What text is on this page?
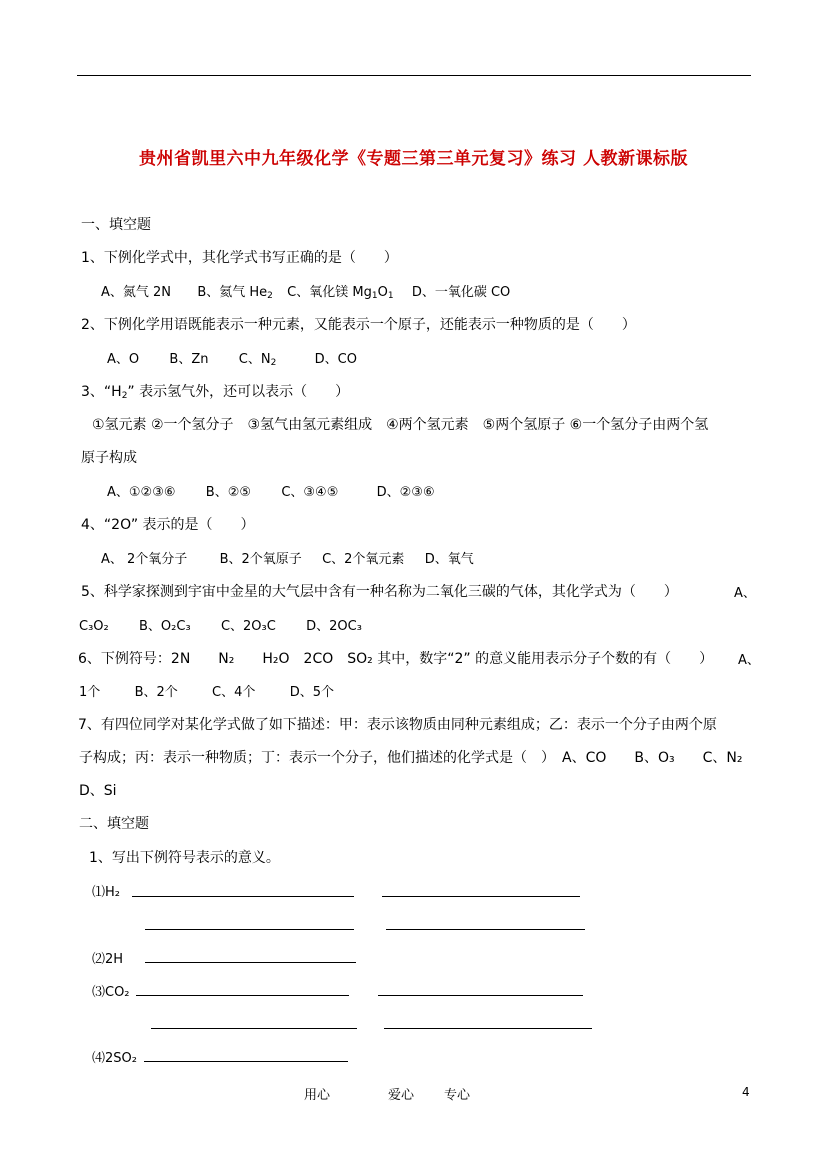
贵州省凯里六中九年级化学《专题三第三单元复习》练习 人教新课标版
一、填空题
1、下例化学式中，其化学式书写正确的是（　　）
A、氮气 2N B、氦气 $He_2$ C、氧化镁 $Mg_1O_1$ D、一氧化碳 CO
2、下例化学用语既能表示一种元素，又能表示一个原子，还能表示一种物质的是（　　）
A、O B、Zn C、$N_2$	D、CO
3、“$H_2$” 表示氢气外，还可以表示（　　）
①氢元素 ②一个氢分子　③氢气由氢元素组成　④两个氢元素　⑤两个氢原子 ⑥一个氢分子由两个氢
原子构成
A、①②③⑥ B、②⑤ C、③④⑤	D、②③⑥
4、“2O” 表示的是（　　）
A、 2个氧分子 B、2个氧原子 C、2个氧元素 D、氧气
5、科学家探测到宇宙中金星的大气层中含有一种名称为二氧化三碳的气体，其化学式为（　　）	A、
C₃O₂ B、O₂C₃ C、2O₃C D、2OC₃
6、下例符号：2N　　N₂　　H₂O　2CO　SO₂ 其中，数字“2” 的意义能用表示分子个数的有（　　） A、
1个	B、2个	C、4个	D、5个
7、有四位同学对某化学式做了如下描述：甲：表示该物质由同种元素组成；乙：表示一个分子由两个原
子构成；丙：表示一种物质；丁：表示一个分子，他们描述的化学式是（　）　A、CO　　B、O₃　　C、N₂
D、Si
二、填空题
1、写出下例符号表示的意义。
⑴H₂
⑵2H
⑶CO₂
⑷2SO₂
用心	爱心 专心	4
